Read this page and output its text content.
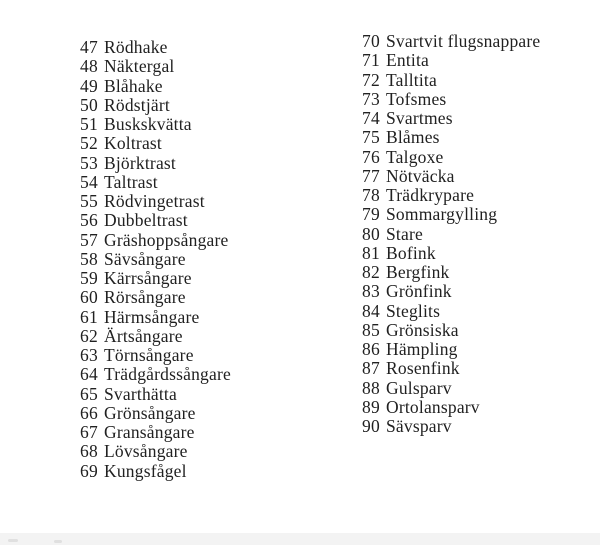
47 Rödhake
48 Näktergal
49 Blåhake
50 Rödstjärt
51 Buskskvätta
52 Koltrast
53 Björktrast
54 Taltrast
55 Rödvingetrast
56 Dubbeltrast
57 Gräshoppsångare
58 Sävsångare
59 Kärrsångare
60 Rörsångare
61 Härmsångare
62 Ärtsångare
63 Törnsångare
64 Trädgårdssångare
65 Svarthätta
66 Grönsångare
67 Gransångare
68 Lövsångare
69 Kungsfågel
70 Svartvit flugsnappare
71 Entita
72 Talltita
73 Tofsmes
74 Svartmes
75 Blåmes
76 Talgoxe
77 Nötväcka
78 Trädkrypare
79 Sommargylling
80 Stare
81 Bofink
82 Bergfink
83 Grönfink
84 Steglits
85 Grönsiska
86 Hämpling
87 Rosenfink
88 Gulsparv
89 Ortolansparv
90 Sävsparv
